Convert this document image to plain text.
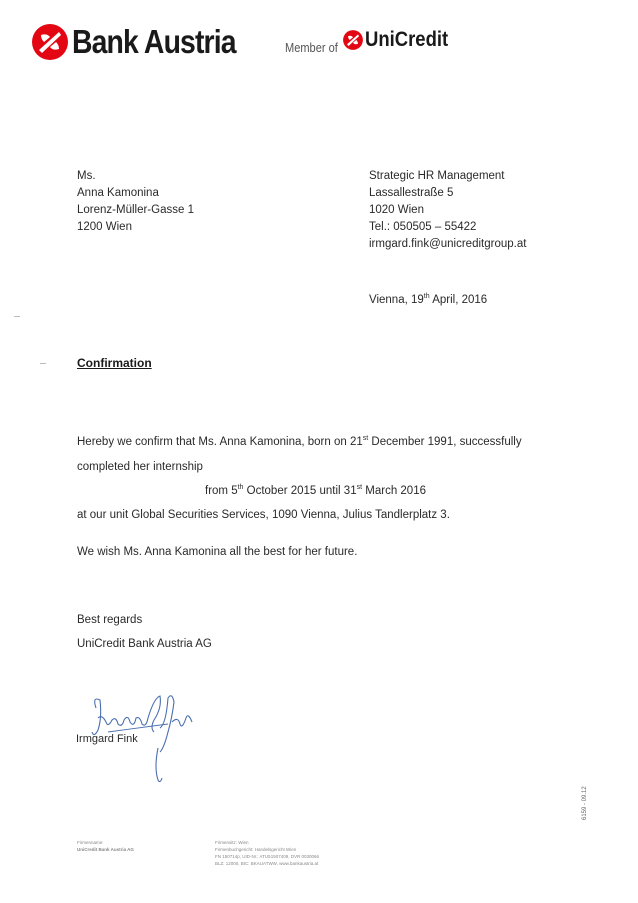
Bank Austria	Member of UniCredit
Ms.
Anna Kamonina
Lorenz-Müller-Gasse 1
1200 Wien
Strategic HR Management
Lassallestraße 5
1020 Wien
Tel.: 050505 – 55422
irmgard.fink@unicreditgroup.at
Vienna, 19th April, 2016
Confirmation
Hereby we confirm that Ms. Anna Kamonina, born on 21st December 1991, successfully
completed her internship
from 5th October 2015 until 31st March 2016
at our unit Global Securities Services, 1090 Vienna, Julius Tandlerplatz 3.
We wish Ms. Anna Kamonina all the best for her future.
Best regards
UniCredit Bank Austria AG
Irmgard Fink
Firmenname:
UniCredit Bank Austria AG
Firmensitz: Wien
Firmenbuchgericht: Handelsgericht Wien
FN 150714p, UID-Nr.: ATU51507409, DVR 0030066
BLZ: 12000, BIC: BKAUATWW, www.bankaustria.at
6159 - 09.12
